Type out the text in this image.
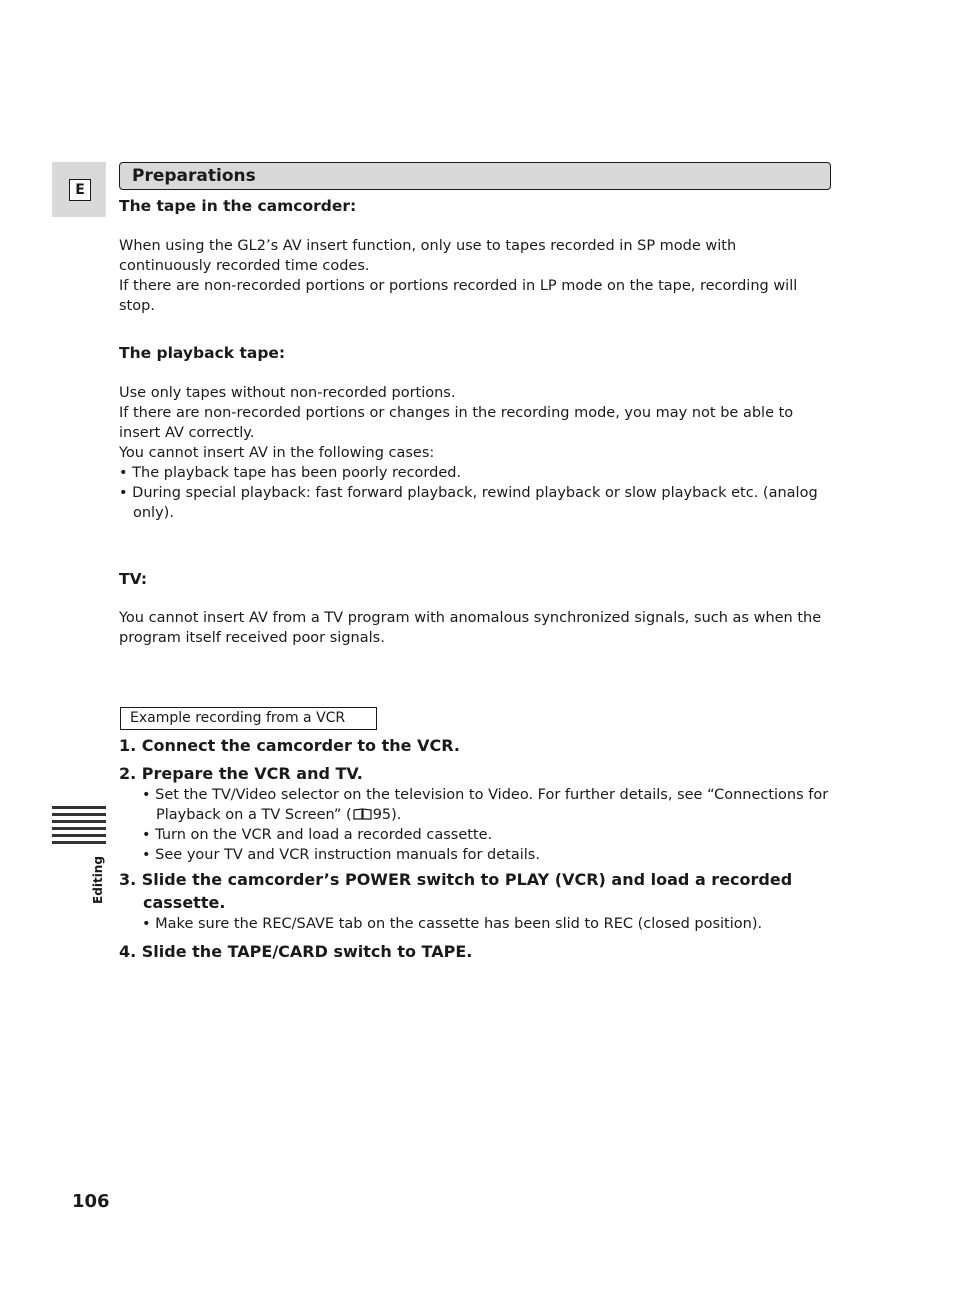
E
Preparations
The tape in the camcorder:

When using the GL2’s AV insert function, only use to tapes recorded in SP mode with continuously recorded time codes.

If there are non-recorded portions or portions recorded in LP mode on the tape, recording will stop.

The playback tape:

Use only tapes without non-recorded portions.

If there are non-recorded portions or changes in the recording mode, you may not be able to insert AV correctly.

You cannot insert AV in the following cases:

• The playback tape has been poorly recorded.

• During special playback: fast forward playback, rewind playback or slow playback etc. (analog only).

TV:

You cannot insert AV from a TV program with anomalous synchronized signals, such as when the program itself received poor signals.

Example recording from a VCR
1. Connect the camcorder to the VCR.
2. Prepare the VCR and TV.
• Set the TV/Video selector on the television to Video. For further details, see “Connections for Playback on a TV Screen” ( 95).
• Turn on the VCR and load a recorded cassette.
• See your TV and VCR instruction manuals for details.
3. Slide the camcorder’s POWER switch to PLAY (VCR) and load a recorded cassette.
• Make sure the REC/SAVE tab on the cassette has been slid to REC (closed position).
4. Slide the TAPE/CARD switch to TAPE.
Editing
106
